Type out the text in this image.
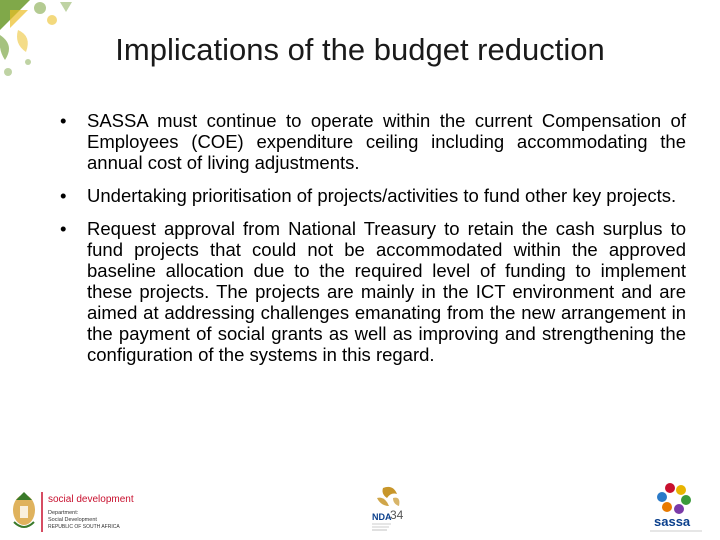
Implications of the budget reduction
• SASSA must continue to operate within the current Compensation of Employees (COE) expenditure ceiling including accommodating the annual cost of living adjustments.
• Undertaking prioritisation of projects/activities to fund other key projects.
• Request approval from National Treasury to retain the cash surplus to fund projects that could not be accommodated within the approved baseline allocation due to the required level of funding to implement these projects. The projects are mainly in the ICT environment and are aimed at addressing challenges emanating from the new arrangement in the payment of social grants as well as improving and strengthening the configuration of the systems in this regard.
social development
Department:
Social Development
REPUBLIC OF SOUTH AFRICA
NDA
34	sassa
